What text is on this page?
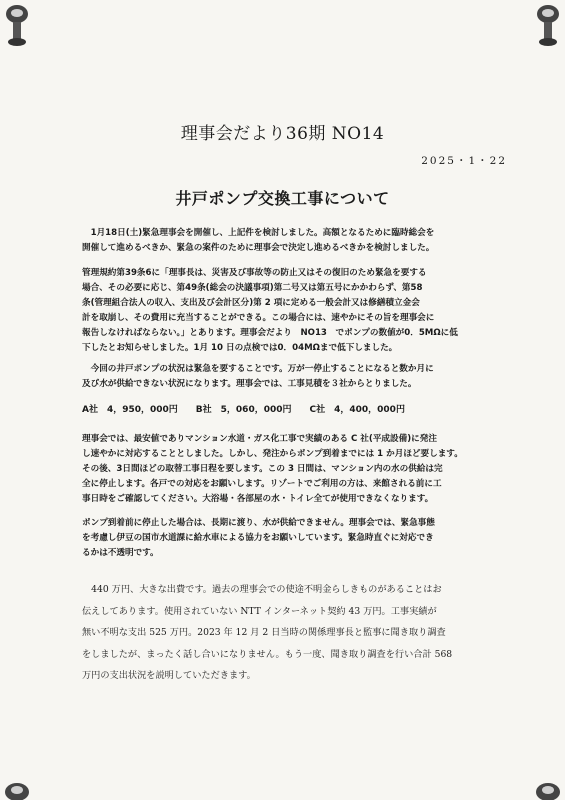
理事会だより36期 NO14
2025・1・22
井戸ポンプ交換工事について
　1月18日(土)緊急理事会を開催し、上記件を検討しました。高額となるために臨時総会を
開催して進めるべきか、緊急の案件のために理事会で決定し進めるべきかを検討しました。
管理規約第39条6に「理事長は、災害及び事故等の防止又はその復旧のため緊急を要する
場合、その必要に応じ、第49条(総会の決議事項)第二号又は第五号にかかわらず、第58
条(管理組合法人の収入、支出及び会計区分)第 2 項に定める一般会計又は修繕積立金会
計を取崩し、その費用に充当することができる。この場合には、速やかにその旨を理事会に
報告しなければならない。」とあります。理事会だより　NO13　でポンプの数値が0．5MΩに低
下したとお知らせしました。1月 10 日の点検では0．04MΩまで低下しました。
　今回の井戸ポンプの状況は緊急を要することです。万が一停止することになると数か月に
及び水が供給できない状況になります。理事会では、工事見積を３社からとりました。
A社　4，950，000円　　B社　5，060，000円　　C社　4，400，000円
理事会では、最安値でありマンション水道・ガス化工事で実績のある C 社(平成設備)に発注
し速やかに対応することとしました。しかし、発注からポンプ到着までには 1 か月ほど要します。
その後、3日間ほどの取替工事日程を要します。この 3 日間は、マンション内の水の供給は完
全に停止します。各戸での対応をお願いします。リゾートでご利用の方は、来館される前に工
事日時をご確認してください。大浴場・各部屋の水・トイレ全てが使用できなくなります。
ポンプ到着前に停止した場合は、長期に渡り、水が供給できません。理事会では、緊急事態
を考慮し伊豆の国市水道課に給水車による協力をお願いしています。緊急時直ぐに対応でき
るかは不透明です。
　440 万円、大きな出費です。過去の理事会での使途不明金らしきものがあることはお
伝えしてあります。使用されていない NTT インターネット契約 43 万円。工事実績が
無い不明な支出 525 万円。2023 年 12 月 2 日当時の関係理事長と監事に聞き取り調査
をしましたが、まったく話し合いになりません。もう一度、聞き取り調査を行い合計 568
万円の支出状況を説明していただきます。
